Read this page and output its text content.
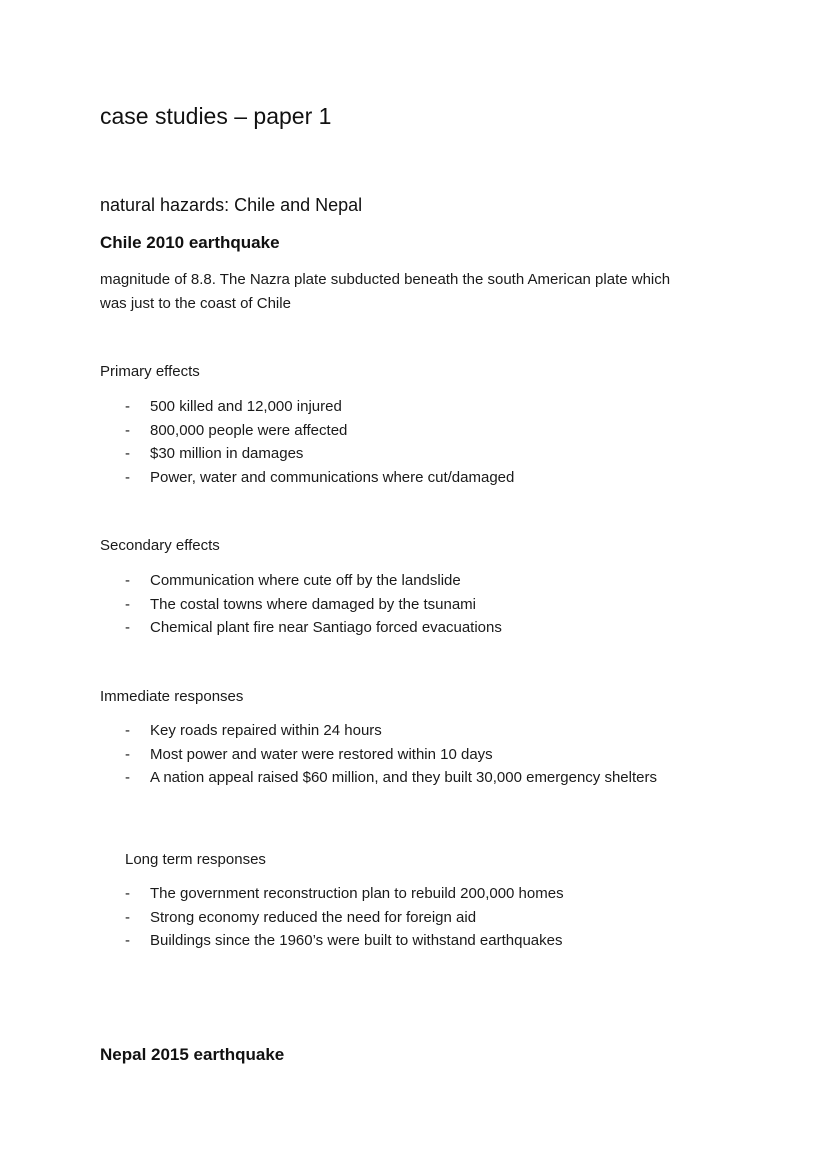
case studies – paper 1
natural hazards: Chile and Nepal
Chile 2010 earthquake

magnitude of 8.8. The Nazra plate subducted beneath the south American plate which
was just to the coast of Chile

Primary effects
- 500 killed and 12,000 injured
- 800,000 people were affected
- $30 million in damages
- Power, water and communications where cut/damaged
Secondary effects
- Communication where cute off by the landslide
- The costal towns where damaged by the tsunami
- Chemical plant fire near Santiago forced evacuations
Immediate responses
- Key roads repaired within 24 hours
- Most power and water were restored within 10 days
- A nation appeal raised $60 million, and they built 30,000 emergency shelters
Long term responses
- The government reconstruction plan to rebuild 200,000 homes
- Strong economy reduced the need for foreign aid
- Buildings since the 1960’s were built to withstand earthquakes
Nepal 2015 earthquake
